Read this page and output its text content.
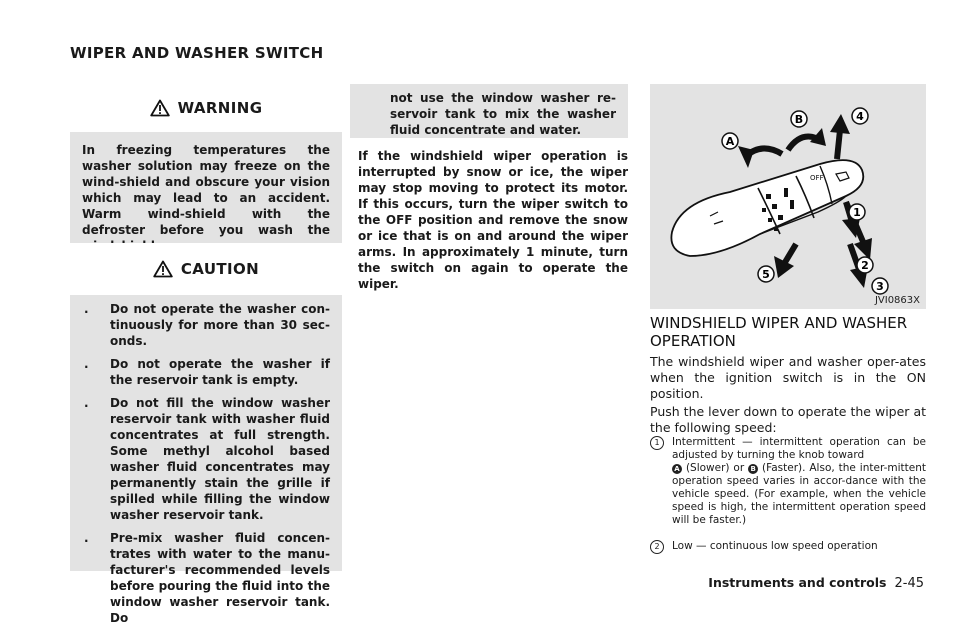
WIPER AND WASHER SWITCH
WARNING

In freezing temperatures the washer solution may freeze on the wind-shield and obscure your vision which may lead to an accident. Warm wind-shield with the defroster before you wash the

CAUTION
. Do not operate the washer con-tinuously for more than 30 sec-onds.
. Do not operate the washer if the reservoir tank is empty.
. Do not fill the window washer reservoir tank with washer fluid concentrates at full strength. Some methyl alcohol based washer fluid concentrates may permanently stain the grille if spilled while filling the window washer reservoir tank.
. Pre-mix washer fluid concen-trates with water to the manu-facturer's recommended levels before pouring the fluid into the window washer reservoir tank. Do

not use the window washer re-servoir tank to mix the washer fluid concentrate and water.

If the windshield wiper operation is interrupted by snow or ice, the wiper may stop moving to protect its motor. If this occurs, turn the wiper switch to the OFF position and remove the snow or ice that is on and around the wiper arms. In approximately 1 minute, turn the switch on again to operate the wiper.

OFF
A
B	4
1
2
3
5
JVI0863X
WINDSHIELD WIPER AND WASHER OPERATION

The windshield wiper and washer oper-ates when the ignition switch is in the ON position.

Push the lever down to operate the wiper at the following speed:

1	Intermittent — intermittent operation can be adjusted by turning the knob toward
A (Slower) or B (Faster). Also, the inter-mittent operation speed varies in accor-dance with the vehicle speed. (For example, when the vehicle speed is high, the intermittent operation speed will be faster.)
2	Low — continuous low speed operation
Instruments and controls 2-45
